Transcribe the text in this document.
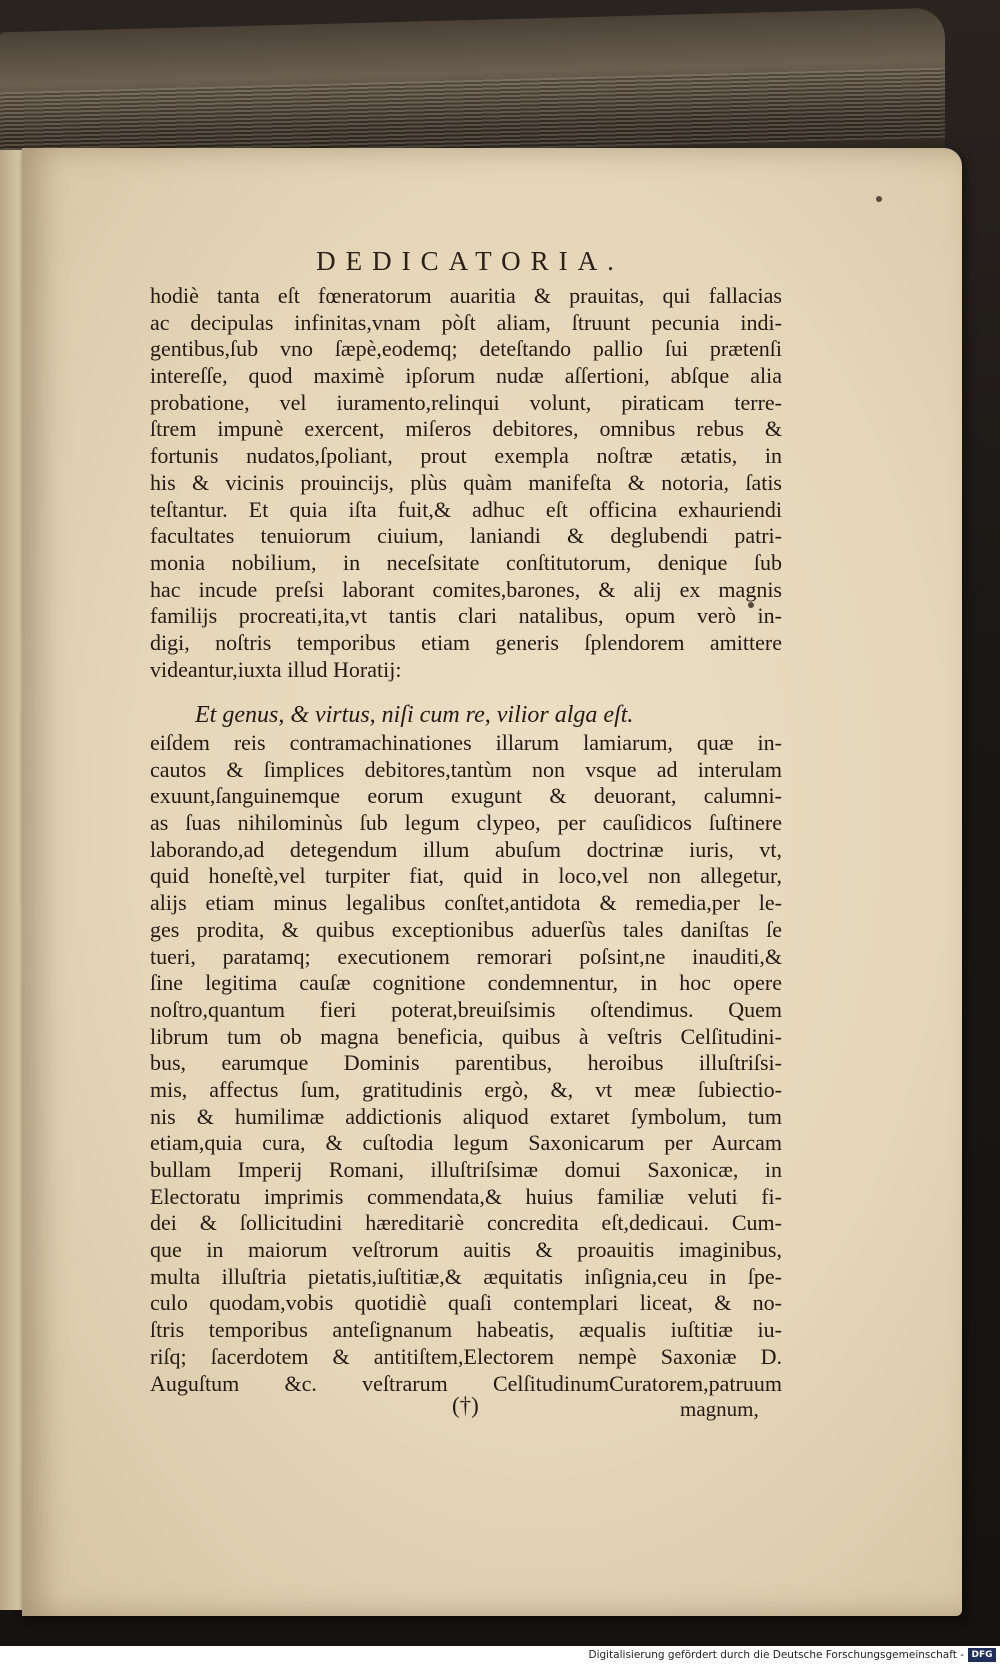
DEDICATORIA.
hodiè tanta eſt fœneratorum auaritia & prauitas, qui fallacias
ac decipulas infinitas,vnam pòſt aliam, ſtruunt pecunia indi-
gentibus,ſub vno ſæpè,eodemq; deteſtando pallio ſui prætenſi
intereſſe, quod maximè ipſorum nudæ aſſertioni, abſque alia
probatione, vel iuramento,relinqui volunt, piraticam terre-
ſtrem impunè exercent, miſeros debitores, omnibus rebus &
fortunis nudatos,ſpoliant, prout exempla noſtræ ætatis, in
his & vicinis prouincijs, plùs quàm manifeſta & notoria, ſatis
teſtantur. Et quia iſta fuit,& adhuc eſt officina exhauriendi
facultates tenuiorum ciuium, laniandi & deglubendi patri-
monia nobilium, in neceſsitate conſtitutorum, denique ſub
hac incude preſsi laborant comites,barones, & alij ex magnis
familijs procreati,ita,vt tantis clari natalibus, opum verò in-
digi, noſtris temporibus etiam generis ſplendorem amittere
videantur,iuxta illud Horatij:
Et genus, & virtus, niſi cum re, vilior alga eſt.
eiſdem reis contramachinationes illarum lamiarum, quæ in-
cautos & ſimplices debitores,tantùm non vsque ad interulam
exuunt,ſanguinemque eorum exugunt & deuorant, calumni-
as ſuas nihilominùs ſub legum clypeo, per cauſidicos ſuſtinere
laborando,ad detegendum illum abuſum doctrinæ iuris, vt,
quid honeſtè,vel turpiter fiat, quid in loco,vel non allegetur,
alijs etiam minus legalibus conſtet,antidota & remedia,per le-
ges prodita, & quibus exceptionibus aduerſùs tales daniſtas ſe
tueri, paratamq; executionem remorari poſsint,ne inauditi,&
ſine legitima cauſæ cognitione condemnentur, in hoc opere
noſtro,quantum fieri poterat,breuiſsimis oſtendimus. Quem
librum tum ob magna beneficia, quibus à veſtris Celſitudini-
bus, earumque Dominis parentibus, heroibus illuſtriſsi-
mis, affectus ſum, gratitudinis ergò, &, vt meæ ſubiectio-
nis & humilimæ addictionis aliquod extaret ſymbolum, tum
etiam,quia cura, & cuſtodia legum Saxonicarum per Aurcam
bullam Imperij Romani, illuſtriſsimæ domui Saxonicæ, in
Electoratu imprimis commendata,& huius familiæ veluti fi-
dei & ſollicitudini hæreditariè concredita eſt,dedicaui. Cum-
que in maiorum veſtrorum auitis & proauitis imaginibus,
multa illuſtria pietatis,iuſtitiæ,& æquitatis inſignia,ceu in ſpe-
culo quodam,vobis quotidiè quaſi contemplari liceat, & no-
ſtris temporibus anteſignanum habeatis, æqualis iuſtitiæ iu-
riſq; ſacerdotem & antitiſtem,Electorem nempè Saxoniæ D.
Auguſtum &c. veſtrarum CelſitudinumCuratorem,patruum
(†)	magnum,
Digitalisierung gefördert durch die Deutsche Forschungsgemeinschaft - DFG
